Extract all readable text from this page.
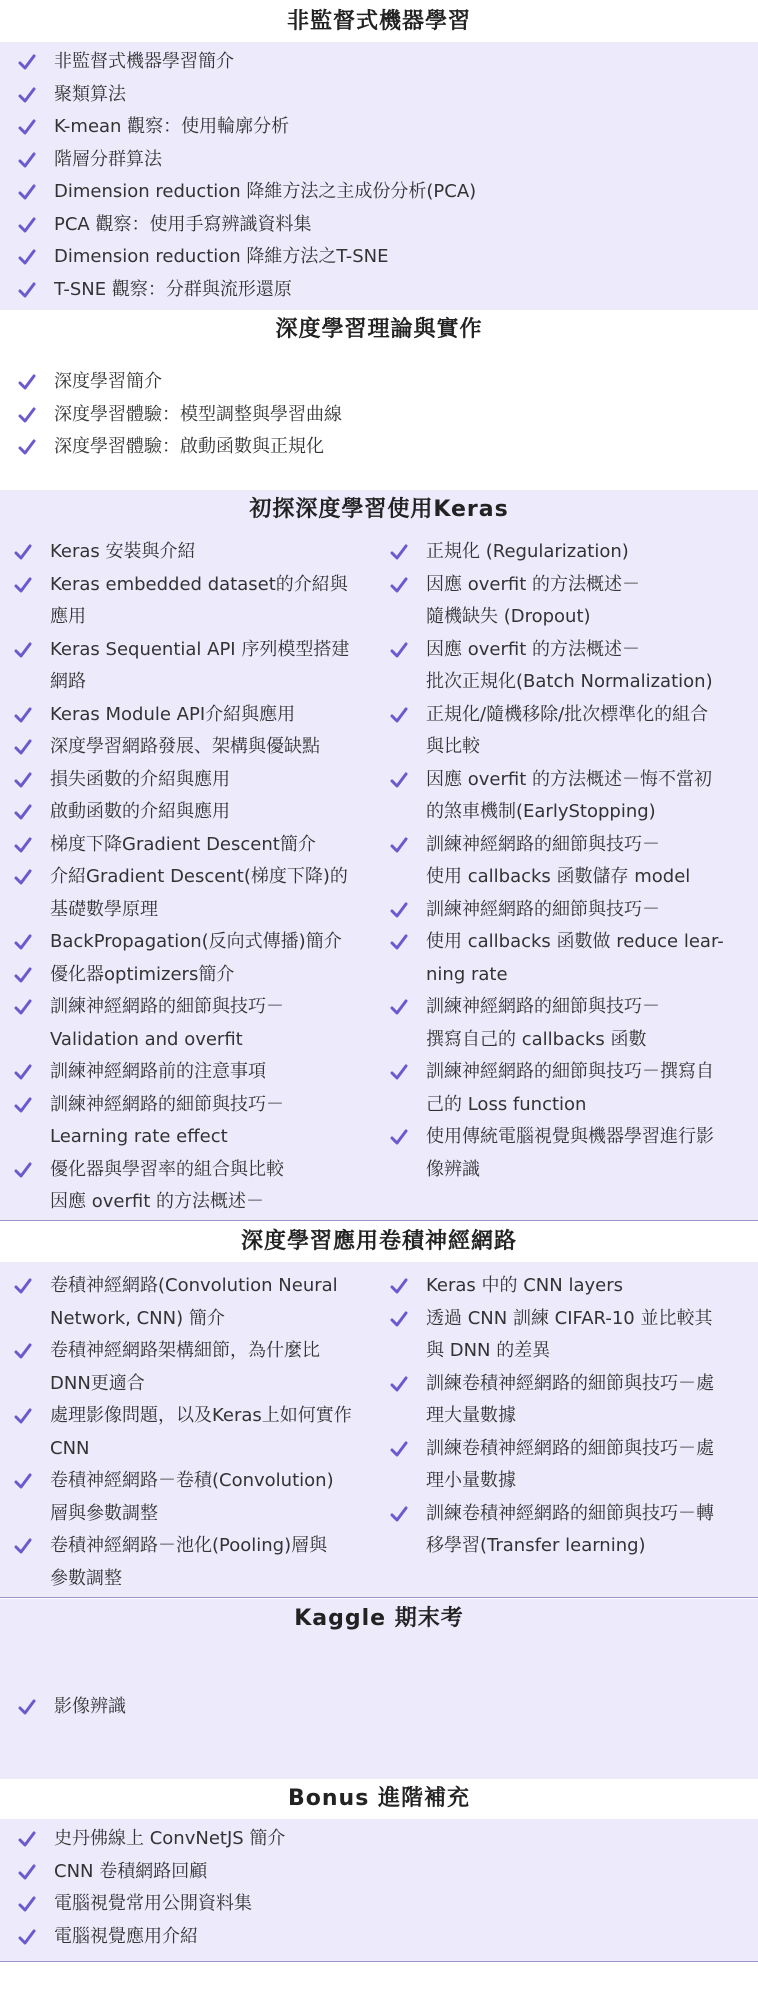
非監督式機器學習
非監督式機器學習簡介
聚類算法
K-mean 觀察：使用輪廓分析
階層分群算法
Dimension reduction 降維方法之主成份分析(PCA)
PCA 觀察：使用手寫辨識資料集
Dimension reduction 降維方法之T-SNE
T-SNE 觀察：分群與流形還原
深度學習理論與實作
深度學習簡介
深度學習體驗：模型調整與學習曲線
深度學習體驗：啟動函數與正規化
初探深度學習使用Keras
Keras 安裝與介紹
Keras embedded dataset的介紹與
應用
Keras Sequential API 序列模型搭建
網路
Keras Module API介紹與應用
深度學習網路發展、架構與優缺點
損失函數的介紹與應用
啟動函數的介紹與應用
梯度下降Gradient Descent簡介
介紹Gradient Descent(梯度下降)的
基礎數學原理
BackPropagation(反向式傳播)簡介
優化器optimizers簡介
訓練神經網路的細節與技巧－
Validation and overfit
訓練神經網路前的注意事項
訓練神經網路的細節與技巧－
Learning rate effect
優化器與學習率的組合與比較
因應 overfit 的方法概述－
正規化 (Regularization)
因應 overfit 的方法概述－
隨機缺失 (Dropout)
因應 overfit 的方法概述－
批次正規化(Batch Normalization)
正規化/隨機移除/批次標準化的組合
與比較
因應 overfit 的方法概述－悔不當初
的煞車機制(EarlyStopping)
訓練神經網路的細節與技巧－
使用 callbacks 函數儲存 model
訓練神經網路的細節與技巧－
使用 callbacks 函數做 reduce lear-
ning rate
訓練神經網路的細節與技巧－
撰寫自己的 callbacks 函數
訓練神經網路的細節與技巧－撰寫自
己的 Loss function
使用傳統電腦視覺與機器學習進行影
像辨識
深度學習應用卷積神經網路
卷積神經網路(Convolution Neural
Network, CNN) 簡介
卷積神經網路架構細節，為什麼比
DNN更適合
處理影像問題，以及Keras上如何實作
CNN
卷積神經網路－卷積(Convolution)
層與參數調整
卷積神經網路－池化(Pooling)層與
參數調整
Keras 中的 CNN layers
透過 CNN 訓練 CIFAR-10 並比較其
與 DNN 的差異
訓練卷積神經網路的細節與技巧－處
理大量數據
訓練卷積神經網路的細節與技巧－處
理小量數據
訓練卷積神經網路的細節與技巧－轉
移學習(Transfer learning)
Kaggle 期末考
影像辨識
Bonus 進階補充
史丹佛線上 ConvNetJS 簡介
CNN 卷積網路回顧
電腦視覺常用公開資料集
電腦視覺應用介紹
